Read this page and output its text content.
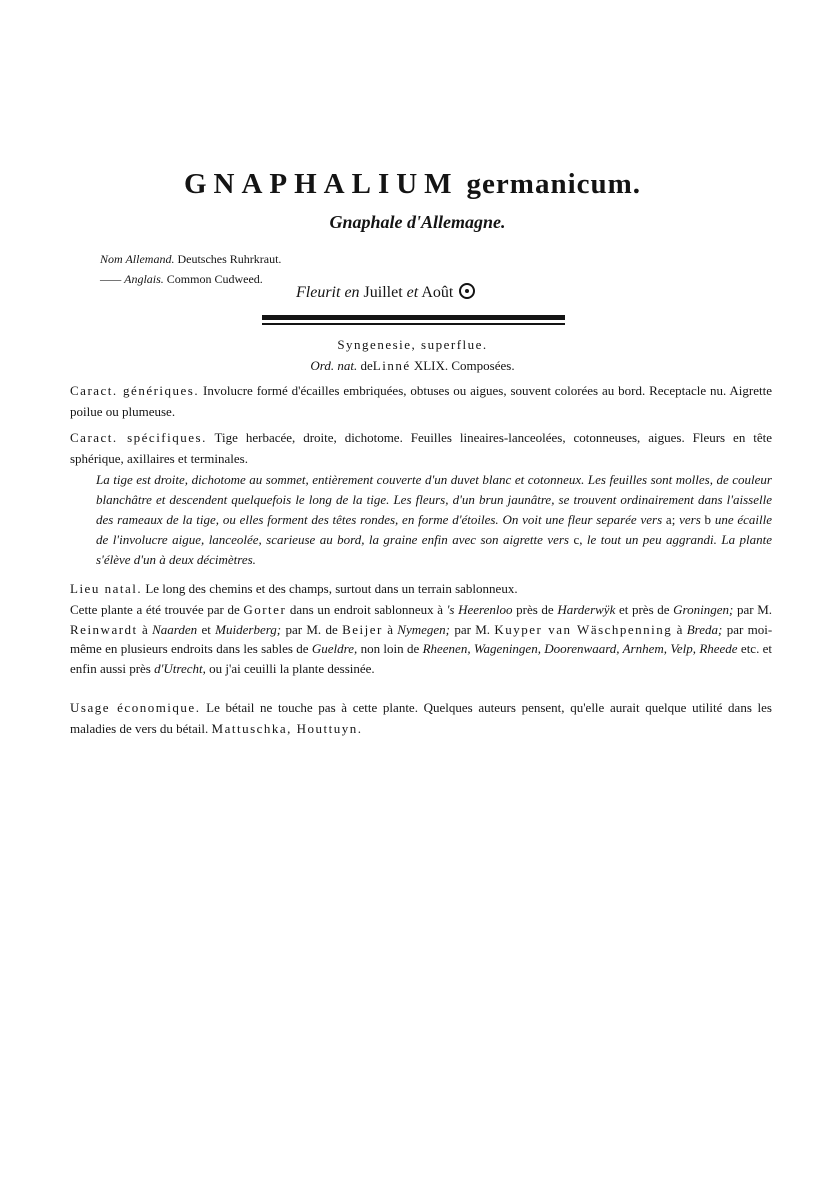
GNAPHALIUM germanicum.
Gnaphale d'Allemagne.
Nom Allemand. Deutsches Ruhrkraut.
—— Anglais. Common Cudweed.
Fleurit en Juillet et Août
Syngenesie, superflue.
Ord. nat. deLinné XLIX. Composées.
Caract. génériques. Involucre formé d'écailles embriquées, obtuses ou aigues, souvent colorées au bord. Receptacle nu. Aigrette poilue ou plumeuse.
Caract. spécifiques. Tige herbacée, droite, dichotome. Feuilles lineaires-lanceolées, cotonneuses, aigues. Fleurs en tête sphérique, axillaires et terminales.
La tige est droite, dichotome au sommet, entièrement couverte d'un duvet blanc et cotonneux. Les feuilles sont molles, de couleur blanchâtre et descendent quelquefois le long de la tige. Les fleurs, d'un brun jaunâtre, se trouvent ordinairement dans l'aisselle des rameaux de la tige, ou elles forment des têtes rondes, en forme d'étoiles. On voit une fleur separée vers a; vers b une écaille de l'involucre aigue, lanceolée, scarieuse au bord, la graine enfin avec son aigrette vers c, le tout un peu aggrandi. La plante s'élève d'un à deux décimètres.
Lieu natal. Le long des chemins et des champs, surtout dans un terrain sablonneux.
Cette plante a été trouvée par de Gorter dans un endroit sablonneux à 's Heerenloo près de Harderwÿk et près de Groningen; par M. Reinwardt à Naarden et Muiderberg; par M. de Beijer à Nymegen; par M. Kuyper van Wäschpenning à Breda; par moi-même en plusieurs endroits dans les sables de Gueldre, non loin de Rheenen, Wageningen, Doorenwaard, Arnhem, Velp, Rheede etc. et enfin aussi près d'Utrecht, ou j'ai ceuilli la plante dessinée.
Usage économique. Le bétail ne touche pas à cette plante. Quelques auteurs pensent, qu'elle aurait quelque utilité dans les maladies de vers du bétail. Mattuschka, Houttuyn.
